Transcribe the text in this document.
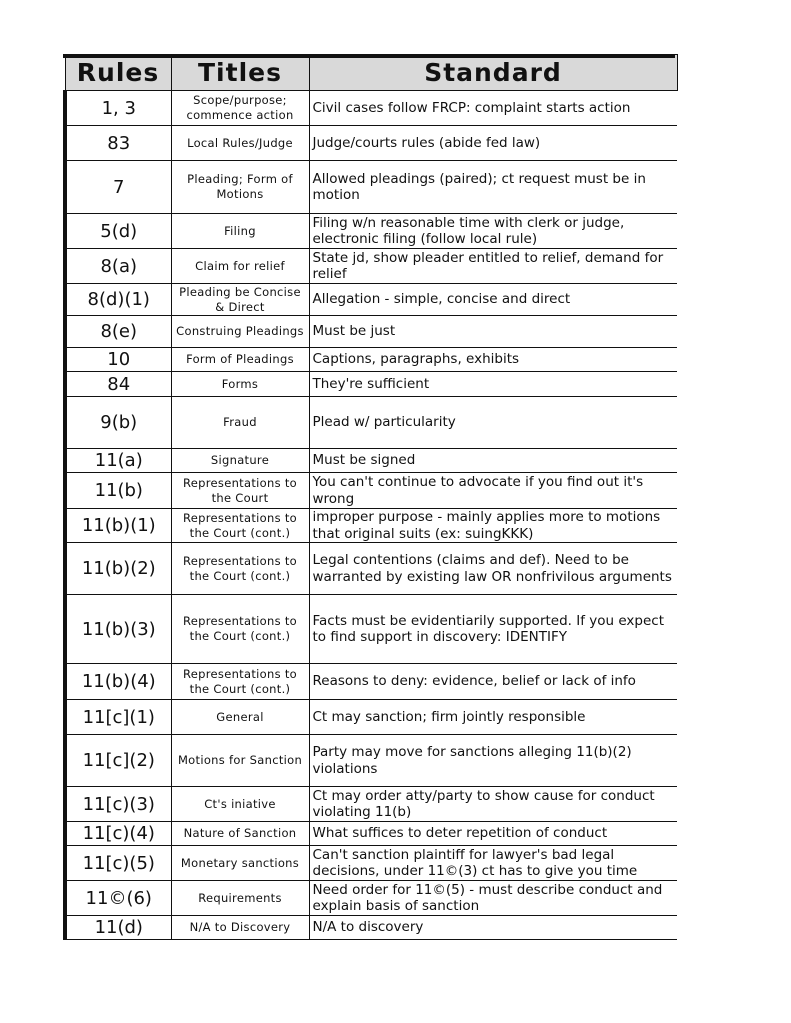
Rules	Titles	Standard
1, 3	Scope/purpose; commence action	Civil cases follow FRCP: complaint starts action
83	Local Rules/Judge	Judge/courts rules (abide fed law)
7	Pleading; Form of Motions	Allowed pleadings (paired); ct request must be in motion
5(d)	Filing	Filing w/n reasonable time with clerk or judge, electronic filing (follow local rule)
8(a)	Claim for relief	State jd, show pleader entitled to relief, demand for relief
8(d)(1)	Pleading be Concise & Direct	Allegation - simple, concise and direct
8(e)	Construing Pleadings	Must be just
10	Form of Pleadings	Captions, paragraphs, exhibits
84	Forms	They're sufficient
9(b)	Fraud	Plead w/ particularity
11(a)	Signature	Must be signed
11(b)	Representations to the Court	You can't continue to advocate if you find out it's wrong
11(b)(1)	Representations to the Court (cont.)	improper purpose - mainly applies more to motions that original suits (ex: suingKKK)
11(b)(2)	Representations to the Court (cont.)	Legal contentions (claims and def). Need to be warranted by existing law OR nonfrivilous arguments
11(b)(3)	Representations to the Court (cont.)	Facts must be evidentiarily supported. If you expect to find support in discovery: IDENTIFY
11(b)(4)	Representations to the Court (cont.)	Reasons to deny: evidence, belief or lack of info
11[c](1)	General	Ct may sanction; firm jointly responsible
11[c](2)	Motions for Sanction	Party may move for sanctions alleging 11(b)(2) violations
11[c)(3)	Ct's iniative	Ct may order atty/party to show cause for conduct violating 11(b)
11[c)(4)	Nature of Sanction	What suffices to deter repetition of conduct
11[c)(5)	Monetary sanctions	Can't sanction plaintiff for lawyer's bad legal decisions, under 11©(3) ct has to give you time
11©(6)	Requirements	Need order for 11©(5) - must describe conduct and explain basis of sanction
11(d)	N/A to Discovery	N/A to discovery
